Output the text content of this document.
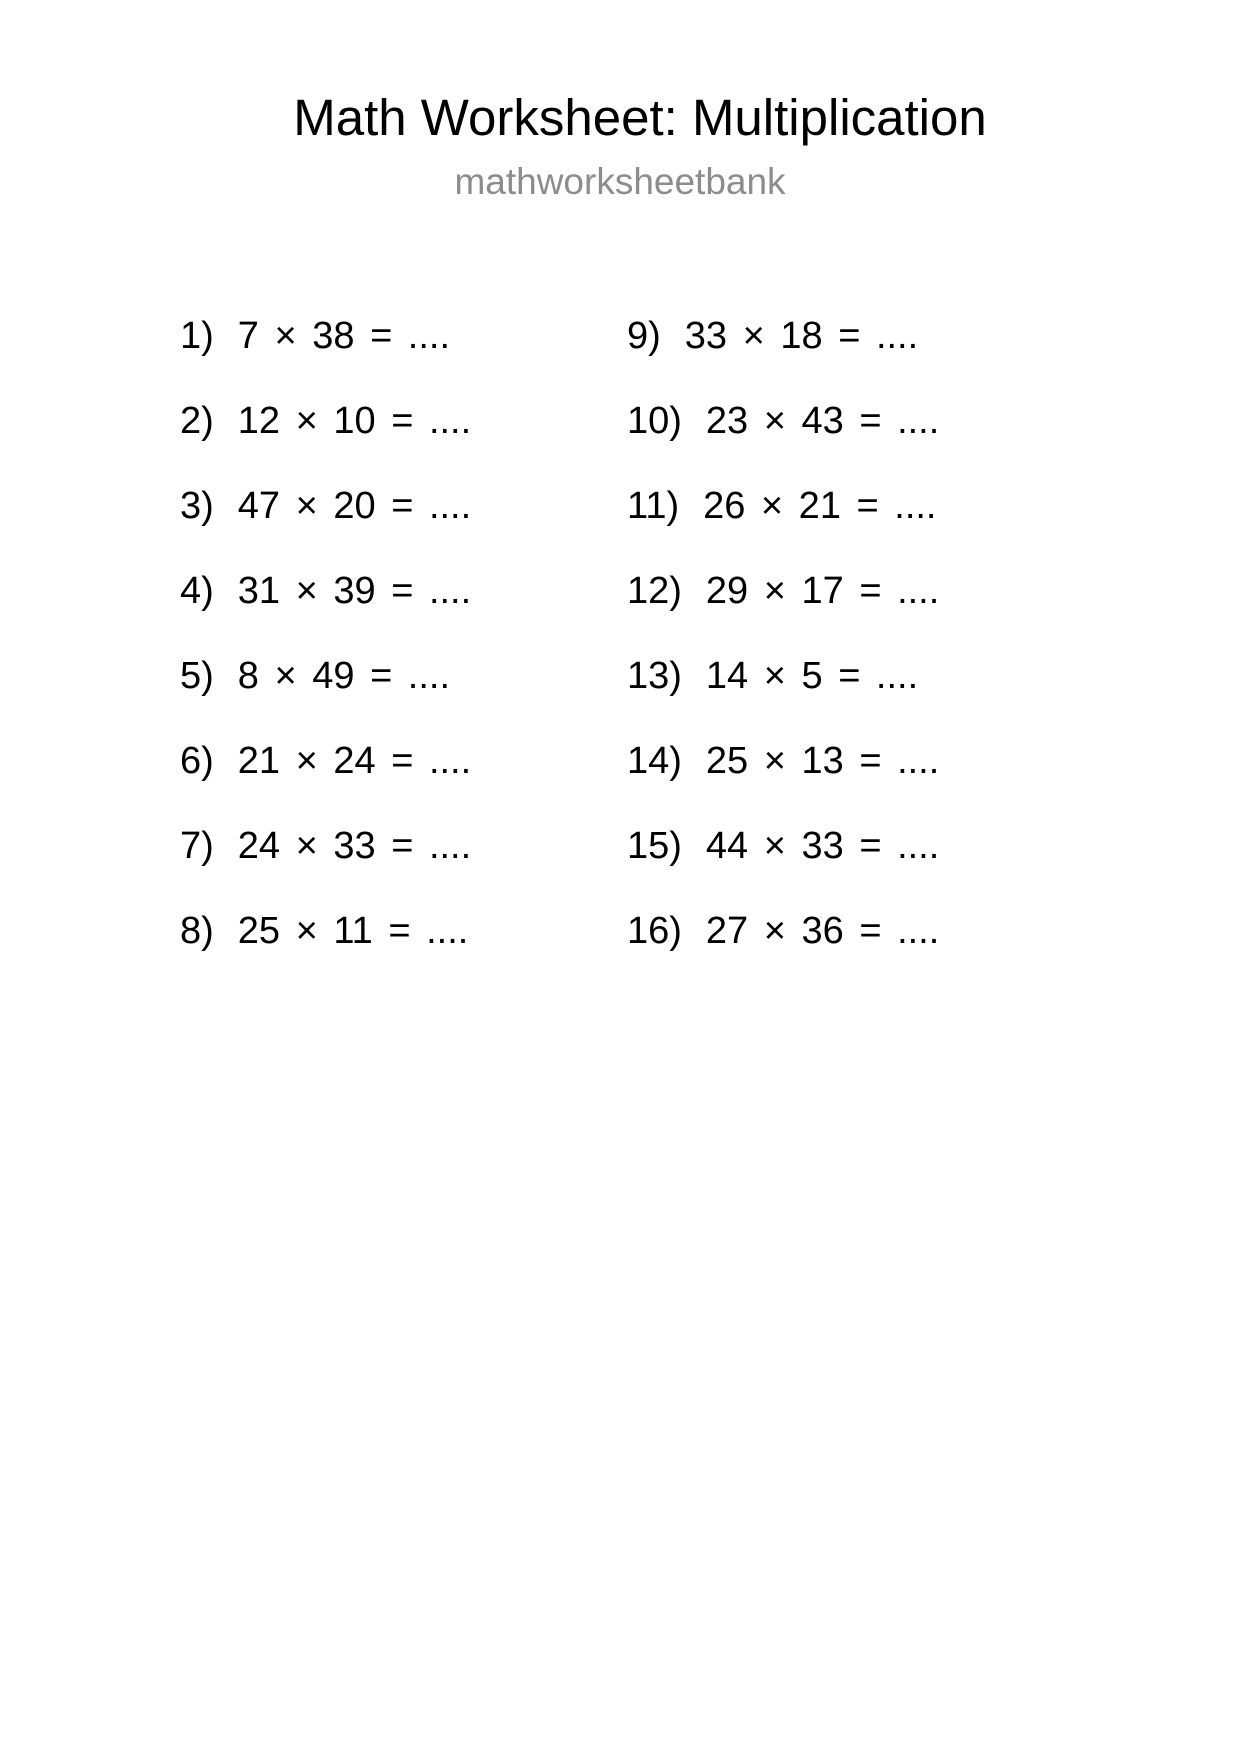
Math Worksheet: Multiplication
mathworksheetbank
1) 7 × 38 = ....
2) 12 × 10 = ....
3) 47 × 20 = ....
4) 31 × 39 = ....
5) 8 × 49 = ....
6) 21 × 24 = ....
7) 24 × 33 = ....
8) 25 × 11 = ....
9) 33 × 18 = ....
10) 23 × 43 = ....
11) 26 × 21 = ....
12) 29 × 17 = ....
13) 14 × 5 = ....
14) 25 × 13 = ....
15) 44 × 33 = ....
16) 27 × 36 = ....
